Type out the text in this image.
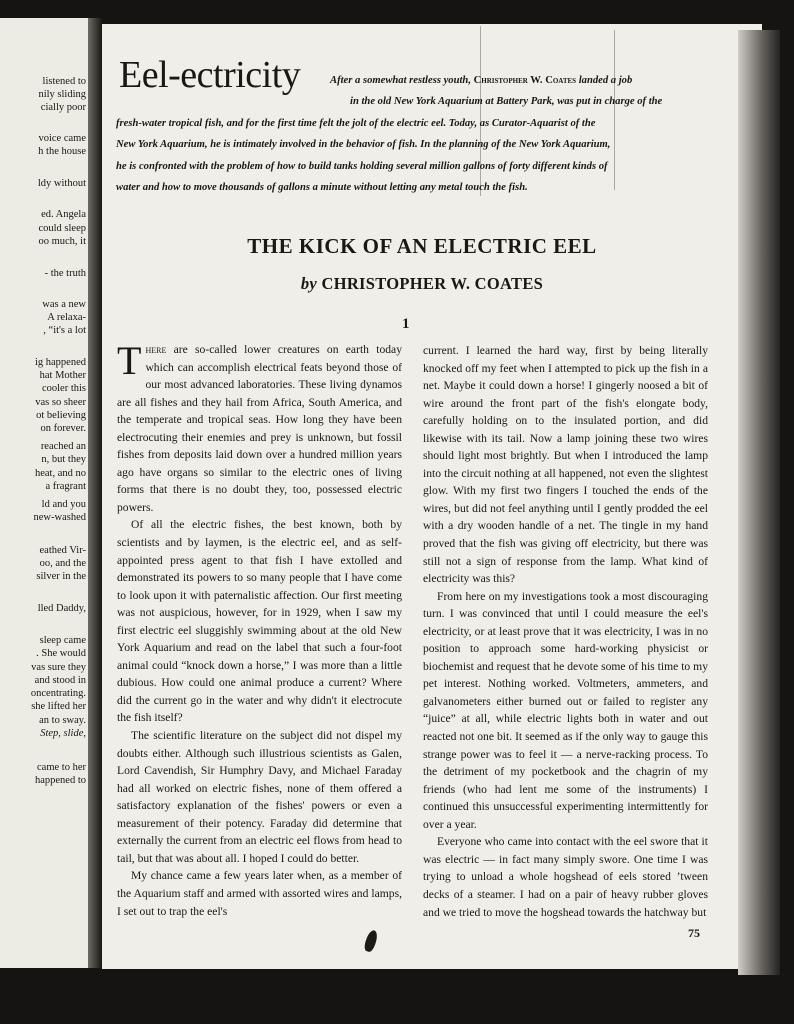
listened to
nily sliding
cially poor
voice came
h the house
ldy without
ed. Angela
could sleep
oo much, it
- the truth
was a new
A relaxa-
, “it's a lot
ig happened
hat Mother
cooler this
vas so sheer
ot believing
on forever.
reached an
n, but they
heat, and no
a fragrant
ld and you
new-washed
eathed Vir-
oo, and the
silver in the
lled Daddy,
sleep came
. She would
vas sure they
and stood in
oncentrating.
she lifted her
an to sway.
Step, slide,
came to her
happened to
Eel-ectricity	After a somewhat restless youth, Christopher W. Coates landed a job
in the old New York Aquarium at Battery Park, was put in charge of the
fresh-water tropical fish, and for the first time felt the jolt of the electric eel. Today, as Curator-Aquarist of the
New York Aquarium, he is intimately involved in the behavior of fish. In the planning of the New York Aquarium,
he is confronted with the problem of how to build tanks holding several million gallons of forty different kinds of
water and how to move thousands of gallons a minute without letting any metal touch the fish.
THE KICK OF AN ELECTRIC EEL
by CHRISTOPHER W. COATES
1

There are so-called lower creatures on earth today which can accomplish electrical feats beyond those of our most advanced laboratories. These living dynamos are all fishes and they hail from Africa, South America, and the temperate and tropical seas. How long they have been electrocuting their enemies and prey is unknown, but fossil fishes from deposits laid down over a hundred million years ago have organs so similar to the electric ones of living forms that there is no doubt they, too, possessed electric powers.

Of all the electric fishes, the best known, both by scientists and by laymen, is the electric eel, and as self-appointed press agent to that fish I have extolled and demonstrated its powers to so many people that I have come to look upon it with paternalistic affection. Our first meeting was not auspicious, however, for in 1929, when I saw my first electric eel sluggishly swimming about at the old New York Aquarium and read on the label that such a four-foot animal could “knock down a horse,” I was more than a little dubious. How could one animal produce a current? Where did the current go in the water and why didn't it electrocute the fish itself?

The scientific literature on the subject did not dispel my doubts either. Although such illustrious scientists as Galen, Lord Cavendish, Sir Humphry Davy, and Michael Faraday had all worked on electric fishes, none of them offered a satisfactory explanation of the fishes' powers or even a measurement of their potency. Faraday did determine that externally the current from an electric eel flows from head to tail, but that was about all. I hoped I could do better.

My chance came a few years later when, as a member of the Aquarium staff and armed with assorted wires and lamps, I set out to trap the eel's

current. I learned the hard way, first by being literally knocked off my feet when I attempted to pick up the fish in a net. Maybe it could down a horse! I gingerly noosed a bit of wire around the front part of the fish's elongate body, carefully holding on to the insulated portion, and did likewise with its tail. Now a lamp joining these two wires should light most brightly. But when I introduced the lamp into the circuit nothing at all happened, not even the slightest glow. With my first two fingers I touched the ends of the wires, but did not feel anything until I gently prodded the eel with a dry wooden handle of a net. The tingle in my hand proved that the fish was giving off electricity, but there was still not a sign of response from the lamp. What kind of electricity was this?

From here on my investigations took a most discouraging turn. I was convinced that until I could measure the eel's electricity, or at least prove that it was electricity, I was in no position to approach some hard-working physicist or biochemist and request that he devote some of his time to my pet interest. Nothing worked. Voltmeters, ammeters, and galvanometers either burned out or failed to register any “juice” at all, while electric lights both in water and out reacted not one bit. It seemed as if the only way to gauge this strange power was to feel it — a nerve-racking process. To the detriment of my pocketbook and the chagrin of my friends (who had lent me some of the instruments) I continued this unsuccessful experimenting intermittently for over a year.

Everyone who came into contact with the eel swore that it was electric — in fact many simply swore. One time I was trying to unload a whole hogshead of eels stored ’tween decks of a steamer. I had on a pair of heavy rubber gloves and we tried to move the hogshead towards the hatchway but

75
